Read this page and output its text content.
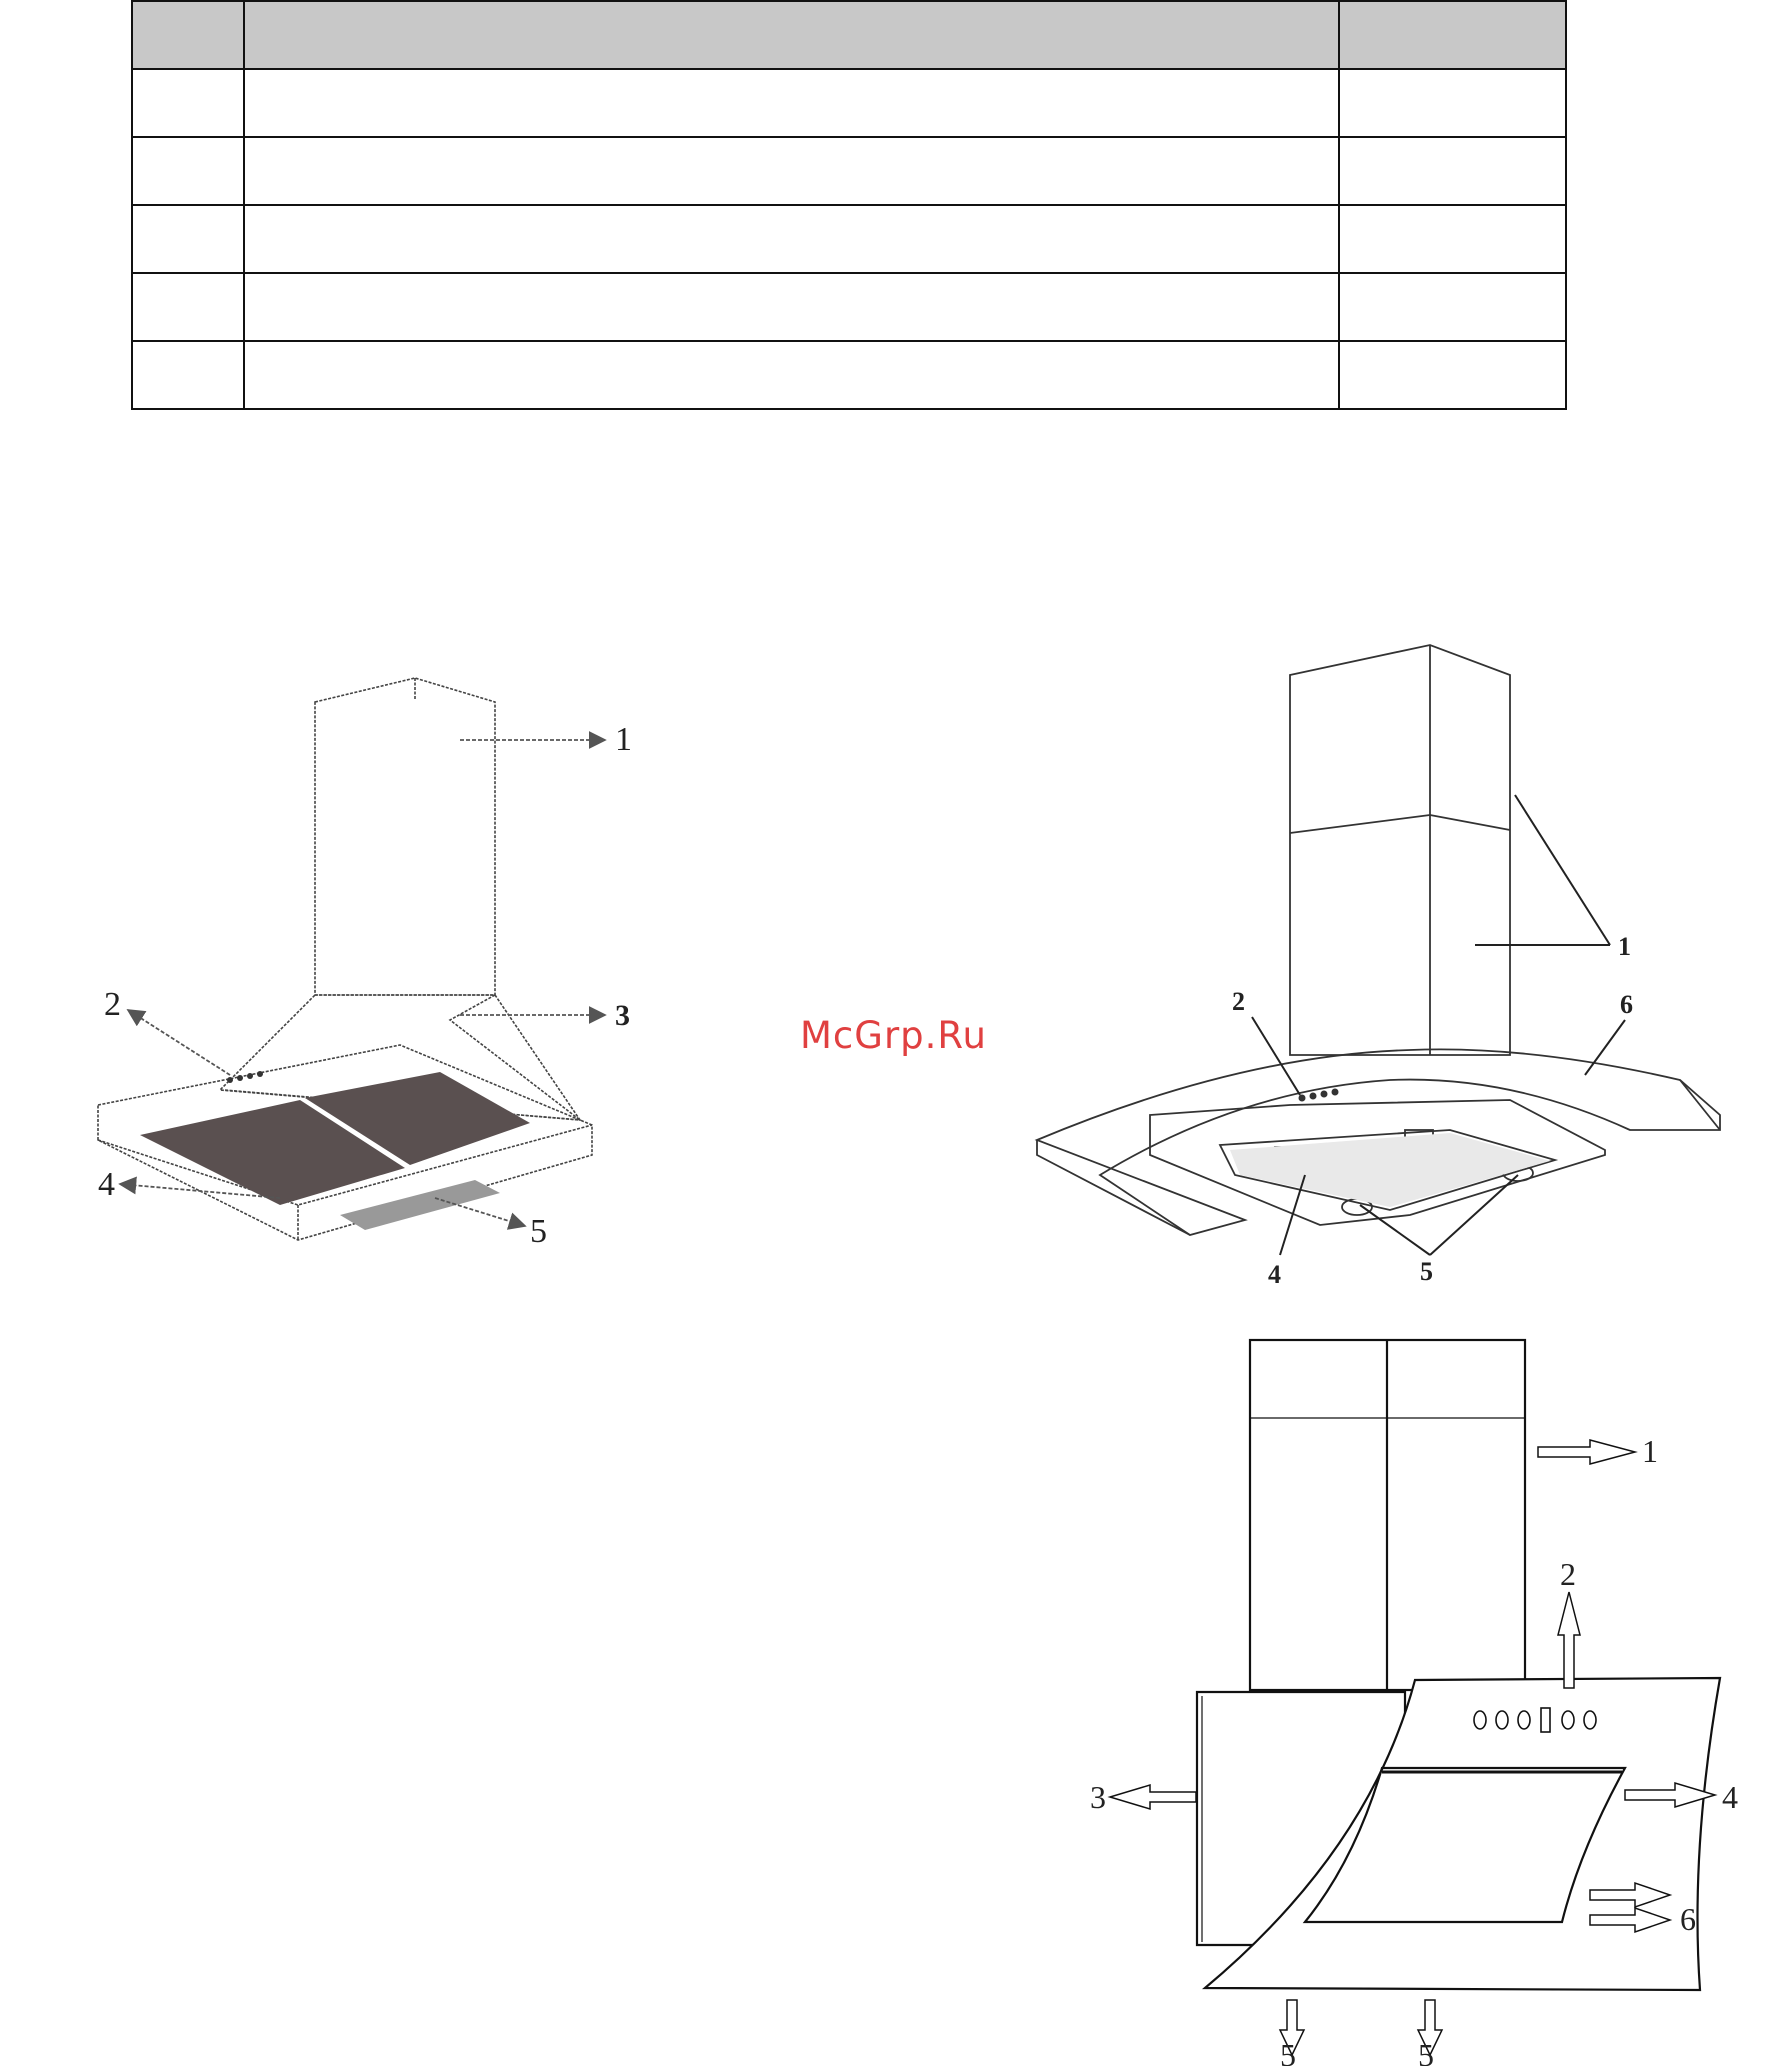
McGrp.Ru
1
3
2
4
5
1
6
2
4	5
1
2
3	4
6
5	5
